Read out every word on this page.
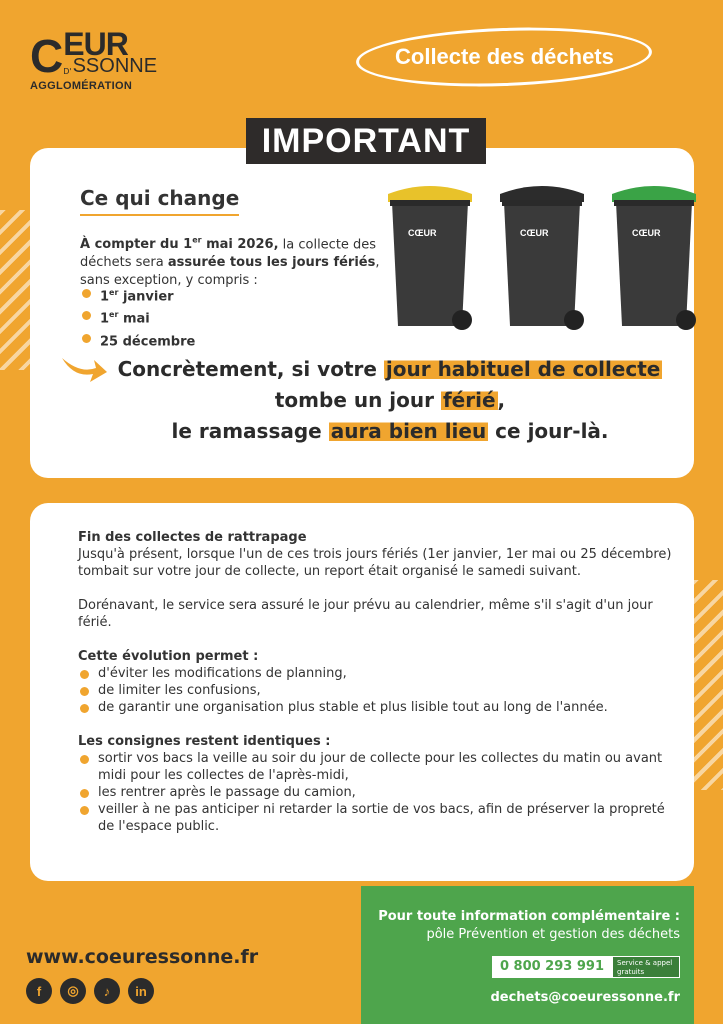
C EUR
D' SSONNE
AGGLOMÉRATION
Collecte des déchets
IMPORTANT
Ce qui change
À compter du 1er mai 2026, la collecte des déchets sera assurée tous les jours fériés, sans exception, y compris :
1er janvier
1er mai
25 décembre
CŒUR	CŒUR	CŒUR
Concrètement, si votre jour habituel de collecte
tombe un jour férié ,
le ramassage aura bien lieu ce jour-là.
Fin des collectes de rattrapage

Jusqu'à présent, lorsque l'un de ces trois jours fériés (1er janvier, 1er mai ou 25 décembre) tombait sur votre jour de collecte, un report était organisé le samedi suivant.

Dorénavant, le service sera assuré le jour prévu au calendrier, même s'il s'agit d'un jour férié.

Cette évolution permet :
d'éviter les modifications de planning,
de limiter les confusions,
de garantir une organisation plus stable et plus lisible tout au long de l'année.
Les consignes restent identiques :
sortir vos bacs la veille au soir du jour de collecte pour les collectes du matin ou avant midi pour les collectes de l'après-midi,
les rentrer après le passage du camion,
veiller à ne pas anticiper ni retarder la sortie de vos bacs, afin de préserver la propreté de l'espace public.
www.coeuressonne.fr
f	◎	♪	in
Pour toute information complémentaire :
pôle Prévention et gestion des déchets
0 800 293 991	Service & appel gratuits
dechets@coeuressonne.fr
